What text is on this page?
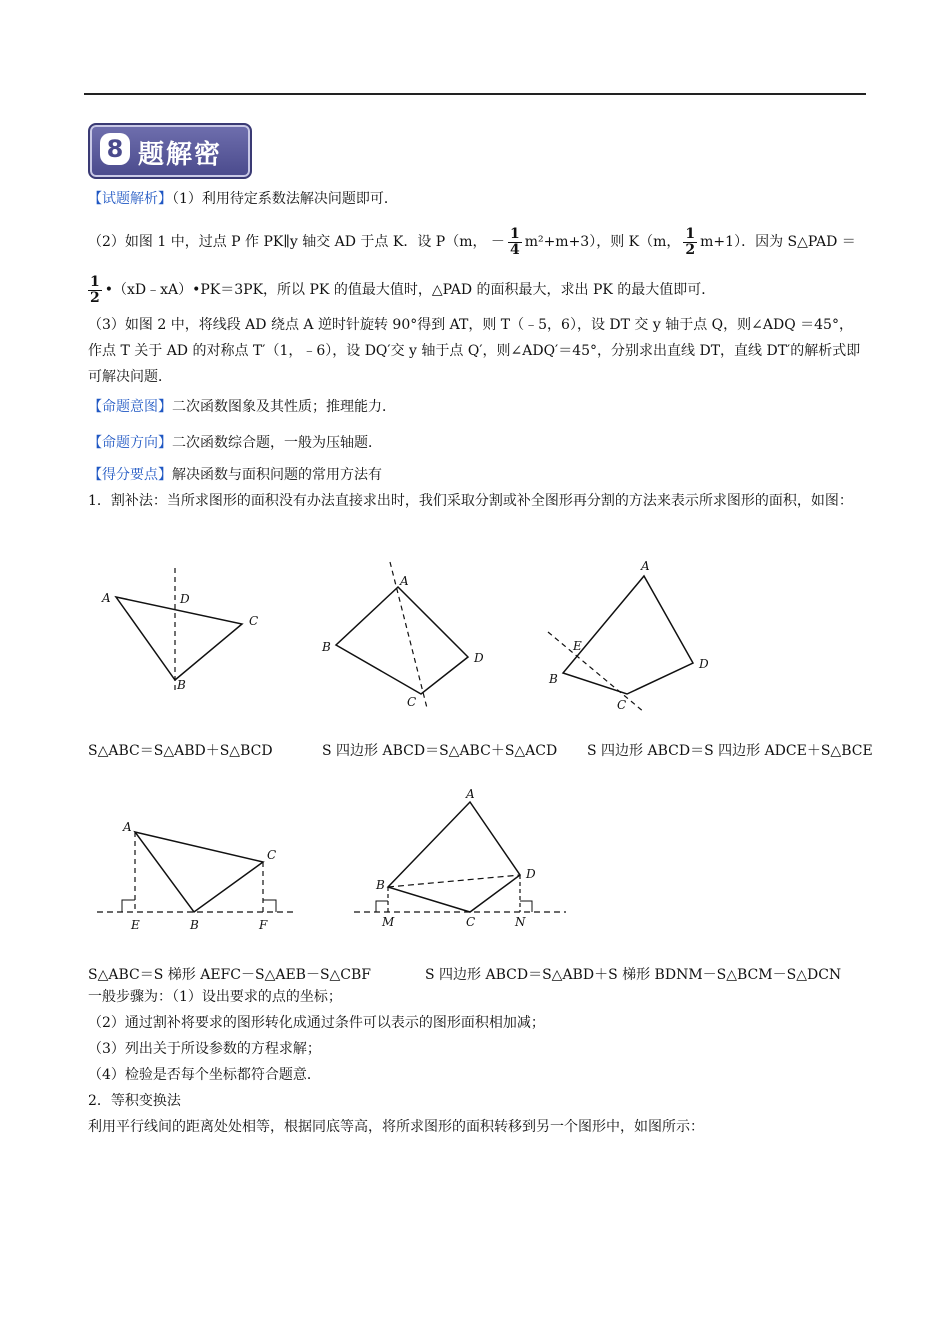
8 题解密
【试题解析】（1）利用待定系数法解决问题即可．
（2）如图 1 中，过点 P 作 PK∥y 轴交 AD 于点 K．设 P（m， － $\frac{1}{4} m^2+m+3$），则 K（m， $\frac{1}{2} m+1$）．因为 S△PAD ＝
$\frac{1}{2}$ •（xD﹣xA）•PK＝3PK，所以 PK 的值最大值时，△PAD 的面积最大，求出 PK 的最大值即可．
（3）如图 2 中，将线段 AD 绕点 A 逆时针旋转 90°得到 AT，则 T（﹣5，6），设 DT 交 y 轴于点 Q，则∠ADQ ＝45°，作点 T 关于 AD 的对称点 T′（1，﹣6），设 DQ′交 y 轴于点 Q′，则∠ADQ′＝45°，分别求出直线 DT，直线 DT′的解析式即可解决问题．
【命题意图】二次函数图象及其性质；推理能力．
【命题方向】二次函数综合题，一般为压轴题．
【得分要点】解决函数与面积问题的常用方法有
1．割补法：当所求图形的面积没有办法直接求出时，我们采取分割或补全图形再分割的方法来表示所求图形的面积，如图：
A	D
C
B
A
B
D
C
A
E
D
B
C
A
C
E	B	F
A
D
B
M	C	N
S△ABC＝S△ABD＋S△BCD	S 四边形 ABCD＝S△ABC＋S△ACD S 四边形 ABCD＝S 四边形 ADCE＋S△BCE
S△ABC＝S 梯形 AEFC－S△AEB－S△CBF	S 四边形 ABCD＝S△ABD＋S 梯形 BDNM－S△BCM－S△DCN
一般步骤为：（1）设出要求的点的坐标；
（2）通过割补将要求的图形转化成通过条件可以表示的图形面积相加减；
（3）列出关于所设参数的方程求解；
（4）检验是否每个坐标都符合题意．
2．等积变换法
利用平行线间的距离处处相等，根据同底等高，将所求图形的面积转移到另一个图形中，如图所示：
